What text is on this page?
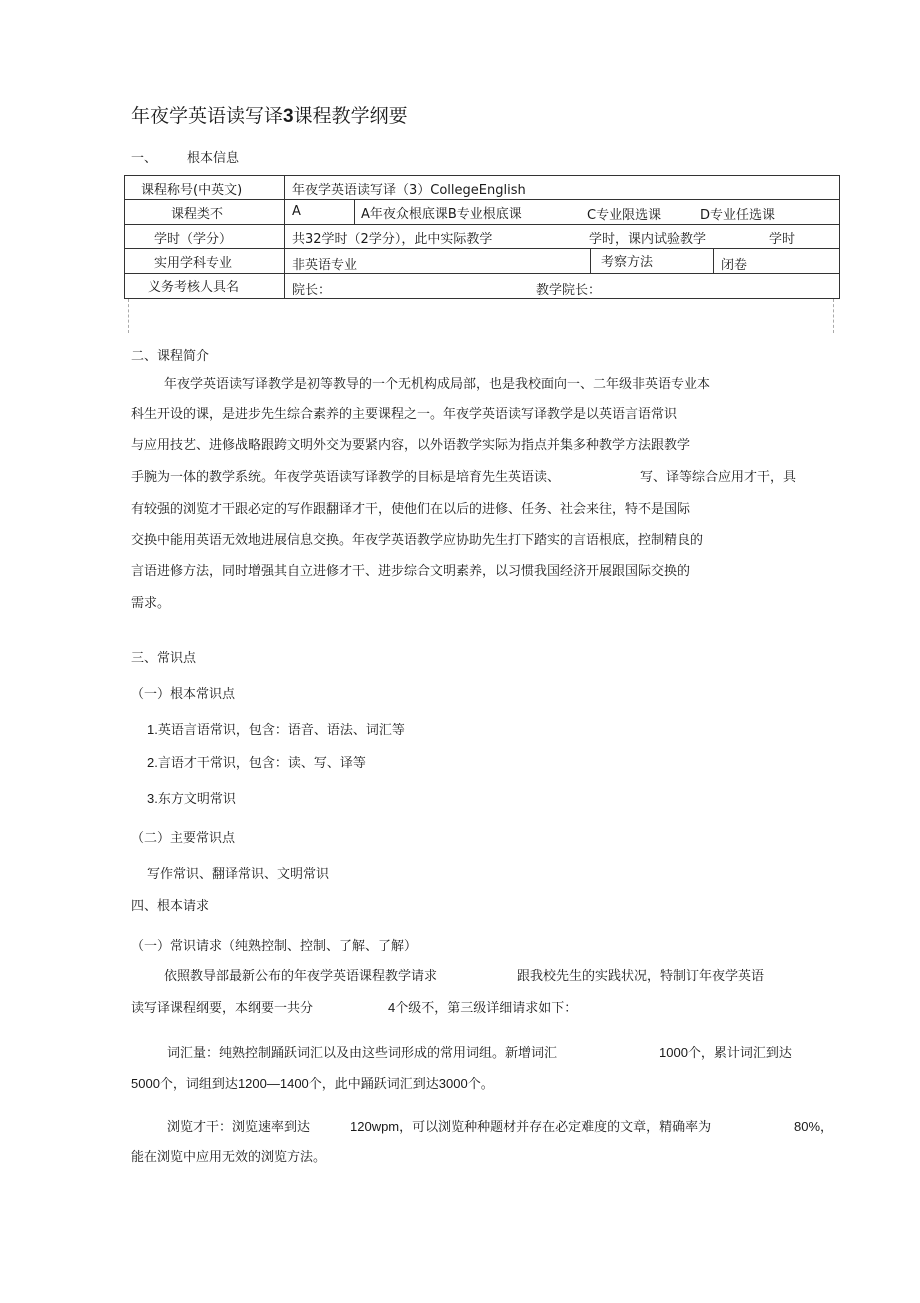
年夜学英语读写译3课程教学纲要
一、 根本信息
课程称号(中英文)	年夜学英语读写译（3）CollegeEnglish
课程类不	A	A年夜众根底课B专业根底课	C专业限选课	D专业任选课
学时（学分）	共32学时（2学分），此中实际教学	学时，课内试验教学	学时
实用学科专业	非英语专业	考察方法	闭卷
义务考核人具名	院长：	教学院长：
二、课程简介
年夜学英语读写译教学是初等教导的一个无机构成局部，也是我校面向一、二年级非英语专业本
科生开设的课，是进步先生综合素养的主要课程之一。年夜学英语读写译教学是以英语言语常识
与应用技艺、进修战略跟跨文明外交为要紧内容，以外语教学实际为指点并集多种教学方法跟教学
手腕为一体的教学系统。年夜学英语读写译教学的目标是培育先生英语读、	写、译等综合应用才干，具
有较强的浏览才干跟必定的写作跟翻译才干，使他们在以后的进修、任务、社会来往，特不是国际
交换中能用英语无效地进展信息交换。年夜学英语教学应协助先生打下踏实的言语根底，控制精良的
言语进修方法，同时增强其自立进修才干、进步综合文明素养，以习惯我国经济开展跟国际交换的
需求。
三、常识点
（一）根本常识点
1.英语言语常识，包含：语音、语法、词汇等
2.言语才干常识，包含：读、写、译等
3.东方文明常识
（二）主要常识点
写作常识、翻译常识、文明常识
四、根本请求
（一）常识请求（纯熟控制、控制、了解、了解）
依照教导部最新公布的年夜学英语课程教学请求	跟我校先生的实践状况，特制订年夜学英语
读写译课程纲要，本纲要一共分	4个级不，第三级详细请求如下：
词汇量：纯熟控制踊跃词汇以及由这些词形成的常用词组。新增词汇	1000个，累计词汇到达
5000个，词组到达1200—1400个，此中踊跃词汇到达3000个。
浏览才干：浏览速率到达	120wpm，可以浏览种种题材并存在必定难度的文章，精确率为	80%，
能在浏览中应用无效的浏览方法。
